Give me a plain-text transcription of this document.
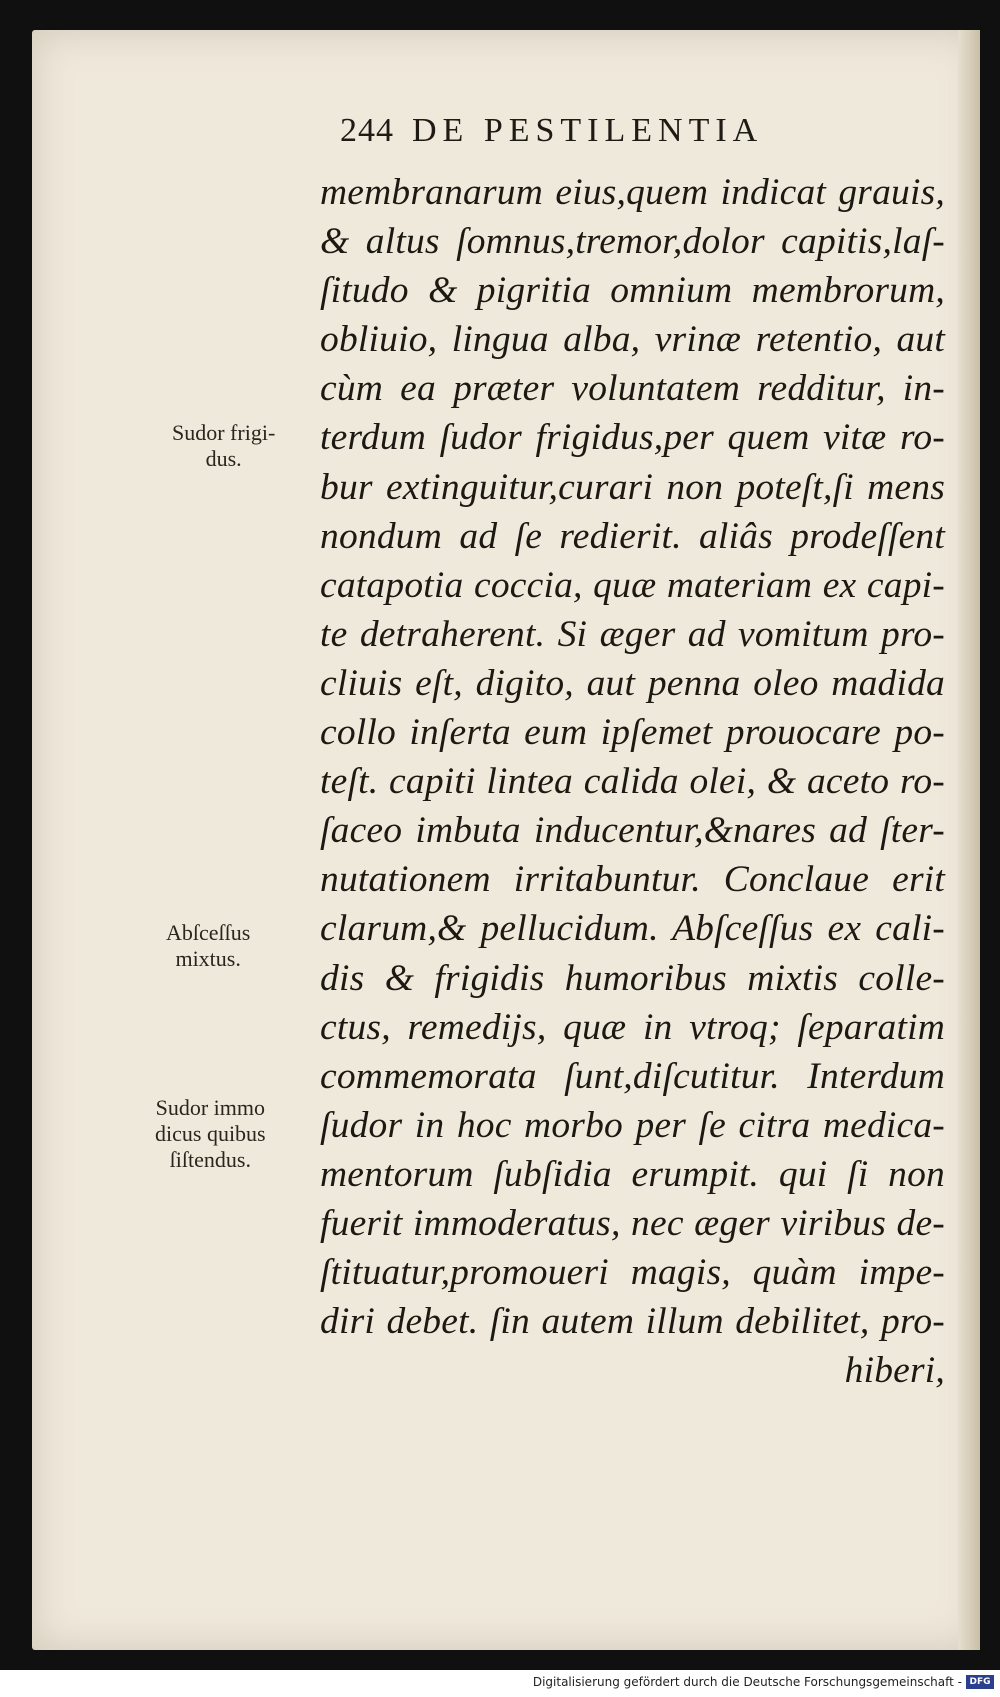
244 DE PESTILENTIA
membranarum eius,quem indicat grauis,
& altus ſomnus,tremor,dolor capitis,laſ-
ſitudo & pigritia omnium membrorum,
obliuio, lingua alba, vrinæ retentio, aut
cùm ea præter voluntatem redditur, in-
terdum ſudor frigidus,per quem vitæ ro-
bur extinguitur,curari non poteſt,ſi mens
nondum ad ſe redierit. aliâs prodeſſent
catapotia coccia, quæ materiam ex capi-
te detraherent. Si æger ad vomitum pro-
cliuis eſt, digito, aut penna oleo madida
collo inſerta eum ipſemet prouocare po-
teſt. capiti lintea calida olei, & aceto ro-
ſaceo imbuta inducentur,&nares ad ſter-
nutationem irritabuntur. Conclaue erit
clarum,& pellucidum. Abſceſſus ex cali-
dis & frigidis humoribus mixtis colle-
ctus, remedijs, quæ in vtroq; ſeparatim
commemorata ſunt,diſcutitur. Interdum
ſudor in hoc morbo per ſe citra medica-
mentorum ſubſidia erumpit. qui ſi non
fuerit immoderatus, nec æger viribus de-
ſtituatur,promoueri magis, quàm impe-
diri debet. ſin autem illum debilitet, pro-
hiberi,
Sudor frigi-
dus.
Abſceſſus
mixtus.
Sudor immo
dicus quibus
ſiſtendus.
Digitalisierung gefördert durch die Deutsche Forschungsgemeinschaft - DFG
